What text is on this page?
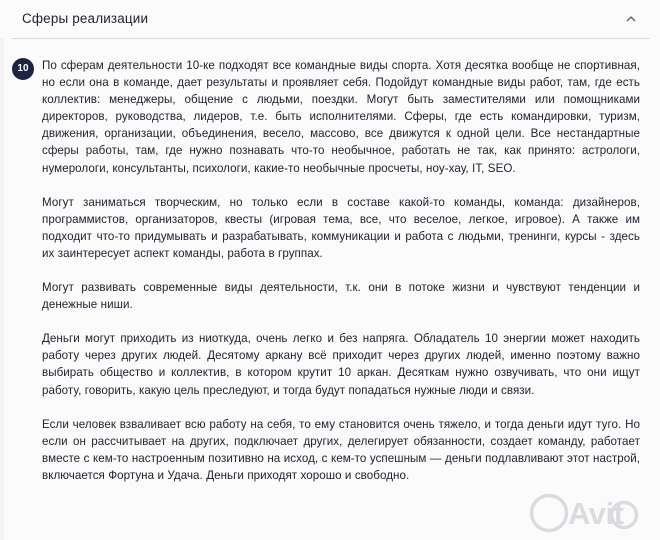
Сферы реализации
10	По сферам деятельности 10-ке подходят все командные виды спорта. Хотя десятка вообще не спортивная, но если она в команде, дает результаты и проявляет себя. Подойдут командные виды работ, там, где есть коллектив: менеджеры, общение с людьми, поездки. Могут быть заместителями или помощниками директоров, руководства, лидеров, т.е. быть исполнителями. Сферы, где есть командировки, туризм, движения, организации, объединения, весело, массово, все движутся к одной цели. Все нестандартные сферы работы, там, где нужно познавать что-то необычное, работать не так, как принято: астрологи, нумерологи, консультанты, психологи, какие-то необычные просчеты, ноу-хау, IT, SEO.

Могут заниматься творческим, но только если в составе какой-то команды, команда: дизайнеров, программистов, организаторов, квесты (игровая тема, все, что веселое, легкое, игровое). А также им подходит что-то придумывать и разрабатывать, коммуникации и работа с людьми, тренинги, курсы - здесь их заинтересует аспект команды, работа в группах.

Могут развивать современные виды деятельности, т.к. они в потоке жизни и чувствуют тенденции и денежные ниши.

Деньги могут приходить из ниоткуда, очень легко и без напряга. Обладатель 10 энергии может находить работу через других людей. Десятому аркану всё приходит через других людей, именно поэтому важно выбирать общество и коллектив, в котором крутит 10 аркан. Десяткам нужно озвучивать, что они ищут работу, говорить, какую цель преследуют, и тогда будут попадаться нужные люди и связи.

Если человек взваливает всю работу на себя, то ему становится очень тяжело, и тогда деньги идут туго. Но если он рассчитывает на других, подключает других, делегирует обязанности, создает команду, работает вместе с кем-то настроенным позитивно на исход, с кем-то успешным — деньги подлавливают этот настрой, включается Фортуна и Удача. Деньги приходят хорошо и свободно.

Avit
